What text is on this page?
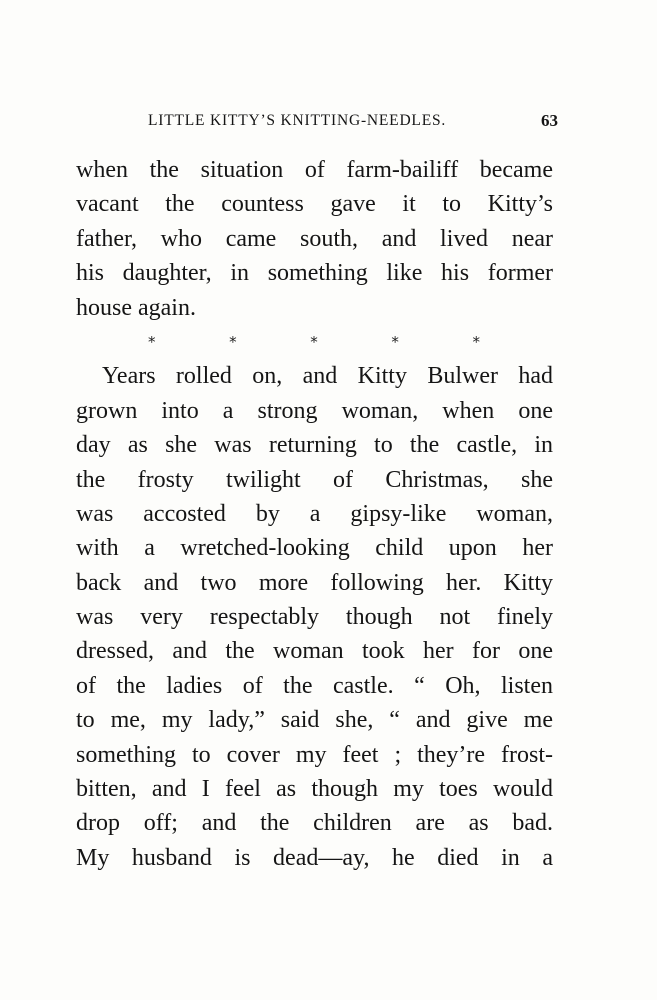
LITTLE KITTY’S KNITTING-NEEDLES.	63
when the situation of farm-bailiff became
vacant the countess gave it to Kitty’s
father, who came south, and lived near
his daughter, in something like his former
house again.
*	*	*	*	*
Years rolled on, and Kitty Bulwer had
grown into a strong woman, when one
day as she was returning to the castle, in
the frosty twilight of Christmas, she
was accosted by a gipsy-like woman,
with a wretched-looking child upon her
back and two more following her. Kitty
was very respectably though not finely
dressed, and the woman took her for one
of the ladies of the castle. “ Oh, listen
to me, my lady,” said she, “ and give me
something to cover my feet ; they’re frost-
bitten, and I feel as though my toes would
drop off; and the children are as bad.
My husband is dead—ay, he died in a
